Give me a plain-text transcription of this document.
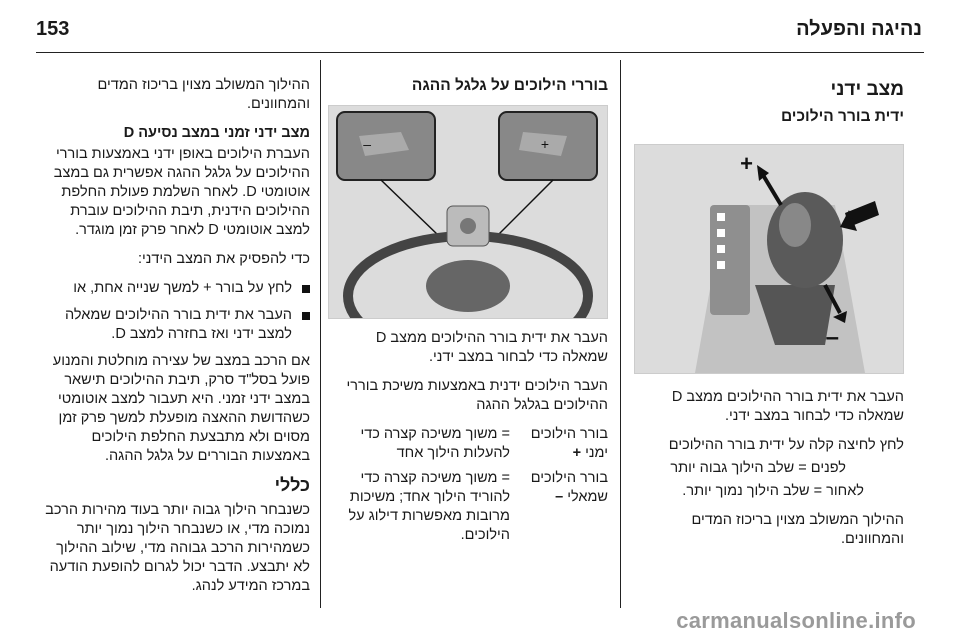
153	נהיגה והפעלה
מצב ידני
ידית בורר הילוכים
+
–

העבר את ידית בורר ההילוכים ממצב D שמאלה כדי לבחור במצב ידני.

לחץ לחיצה קלה על ידית בורר ההילוכים

לפנים = שלב הילוך גבוה יותר

לאחור = שלב הילוך נמוך יותר.

ההילוך המשולב מצוין בריכוז המדים והמחוונים.

בוררי הילוכים על גלגל ההגה
–	+

העבר את ידית בורר ההילוכים ממצב D שמאלה כדי לבחור במצב ידני.

העבר הילוכים ידנית באמצעות משיכת בוררי ההילוכים בגלגל ההגה

בורר הילוכים ימני +
= משוך משיכה קצרה כדי להעלות הילוך אחד
בורר הילוכים שמאלי –
= משוך משיכה קצרה כדי להוריד הילוך אחד; משיכות מרובות מאפשרות דילוג על הילוכים.

ההילוך המשולב מצוין בריכוז המדים והמחוונים.

מצב ידני זמני במצב נסיעה D

העברת הילוכים באופן ידני באמצעות בוררי ההילוכים על גלגל ההגה אפשרית גם במצב אוטומטי D. לאחר השלמת פעולת החלפת ההילוכים הידנית, תיבת ההילוכים עוברת למצב אוטומטי D לאחר פרק זמן מוגדר.

כדי להפסיק את המצב הידני:

לחץ על בורר + למשך שנייה אחת, או
העבר את ידית בורר ההילוכים שמאלה למצב ידני ואז בחזרה למצב D.

אם הרכב במצב של עצירה מוחלטת והמנוע פועל בסל"ד סרק, תיבת ההילוכים תישאר במצב ידני זמני. היא תעבור למצב אוטומטי כשהדושת ההאצה מופעלת למשך פרק זמן מסוים ולא מתבצעת החלפת הילוכים באמצעות הבוררים על גלגל ההגה.

כללי

כשנבחר הילוך גבוה יותר בעוד מהירות הרכב נמוכה מדי, או כשנבחר הילוך נמוך יותר כשמהירות הרכב גבוהה מדי, שילוב ההילוך לא יתבצע. הדבר יכול לגרום להופעת הודעה במרכז המידע לנהג.

carmanualsonline.info
